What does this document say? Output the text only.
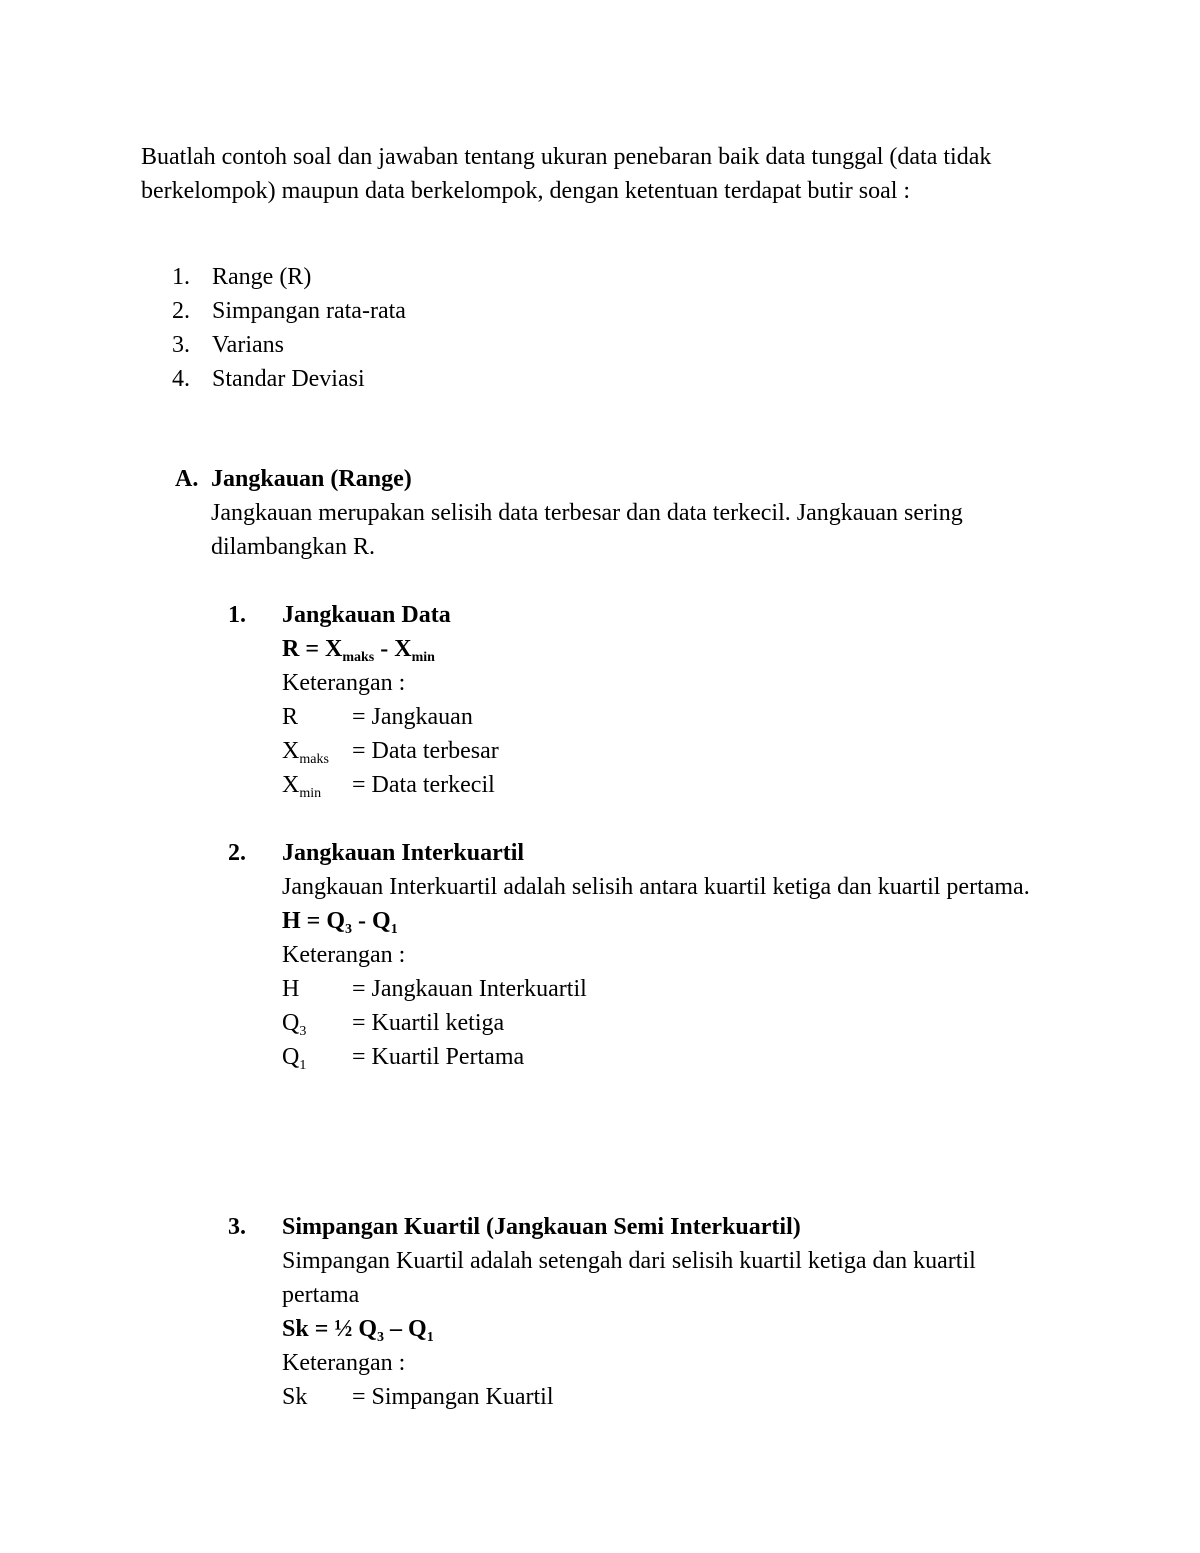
Buatlah contoh soal dan jawaban tentang ukuran penebaran baik data tunggal (data tidak berkelompok) maupun data berkelompok, dengan ketentuan terdapat butir soal :

1. Range (R)
2. Simpangan rata-rata
3. Varians
4. Standar Deviasi
A. Jangkauan (Range)

Jangkauan merupakan selisih data terbesar dan data terkecil. Jangkauan sering dilambangkan R.

1. Jangkauan Data
$R = X_{maks} - X_{min}$
Keterangan :
R	= Jangkauan
$X_{maks}$ = Data terbesar
$X_{min}$	= Data terkecil
2. Jangkauan Interkuartil

Jangkauan Interkuartil adalah selisih antara kuartil ketiga dan kuartil pertama.

$H = Q_3 - Q_1$
Keterangan :
H	= Jangkauan Interkuartil
$Q_3$	= Kuartil ketiga
$Q_1$	= Kuartil Pertama
3. Simpangan Kuartil (Jangkauan Semi Interkuartil)

Simpangan Kuartil adalah setengah dari selisih kuartil ketiga dan kuartil pertama

Sk = ½ $Q_3 - Q_1$
Keterangan :
Sk	= Simpangan Kuartil
